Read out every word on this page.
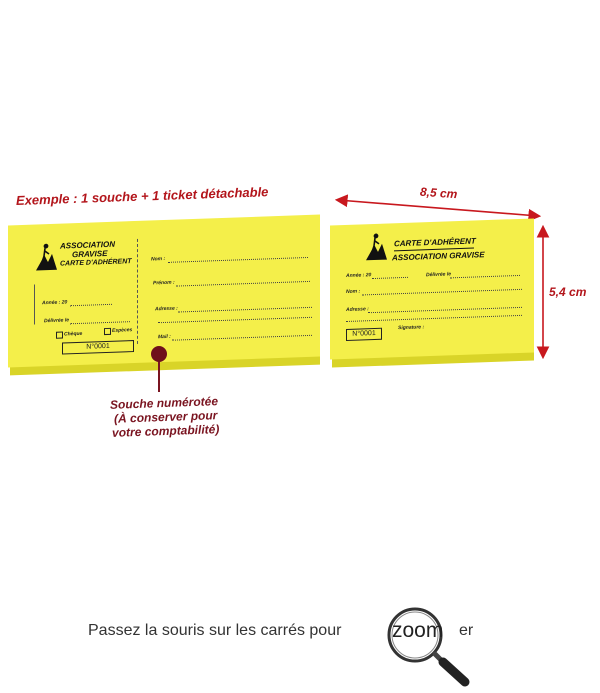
Exemple : 1 souche + 1 ticket détachable	8,5 cm
5,4 cm
ASSOCIATION
GRAVISE
CARTE D'ADHÉRENT
Année : 20
Délivrée le
Chèque
Espèces
N°0001
Nom :
Prénom :
Adresse :
Mail :
CARTE D'ADHÉRENT
ASSOCIATION GRAVISE
Année : 20	Délivrée le
Nom :
Adresse :
Signature :
N°0001
Souche numérotée
(À conserver pour
votre comptabilité)
Passez la souris sur les carrés pour zoom er
